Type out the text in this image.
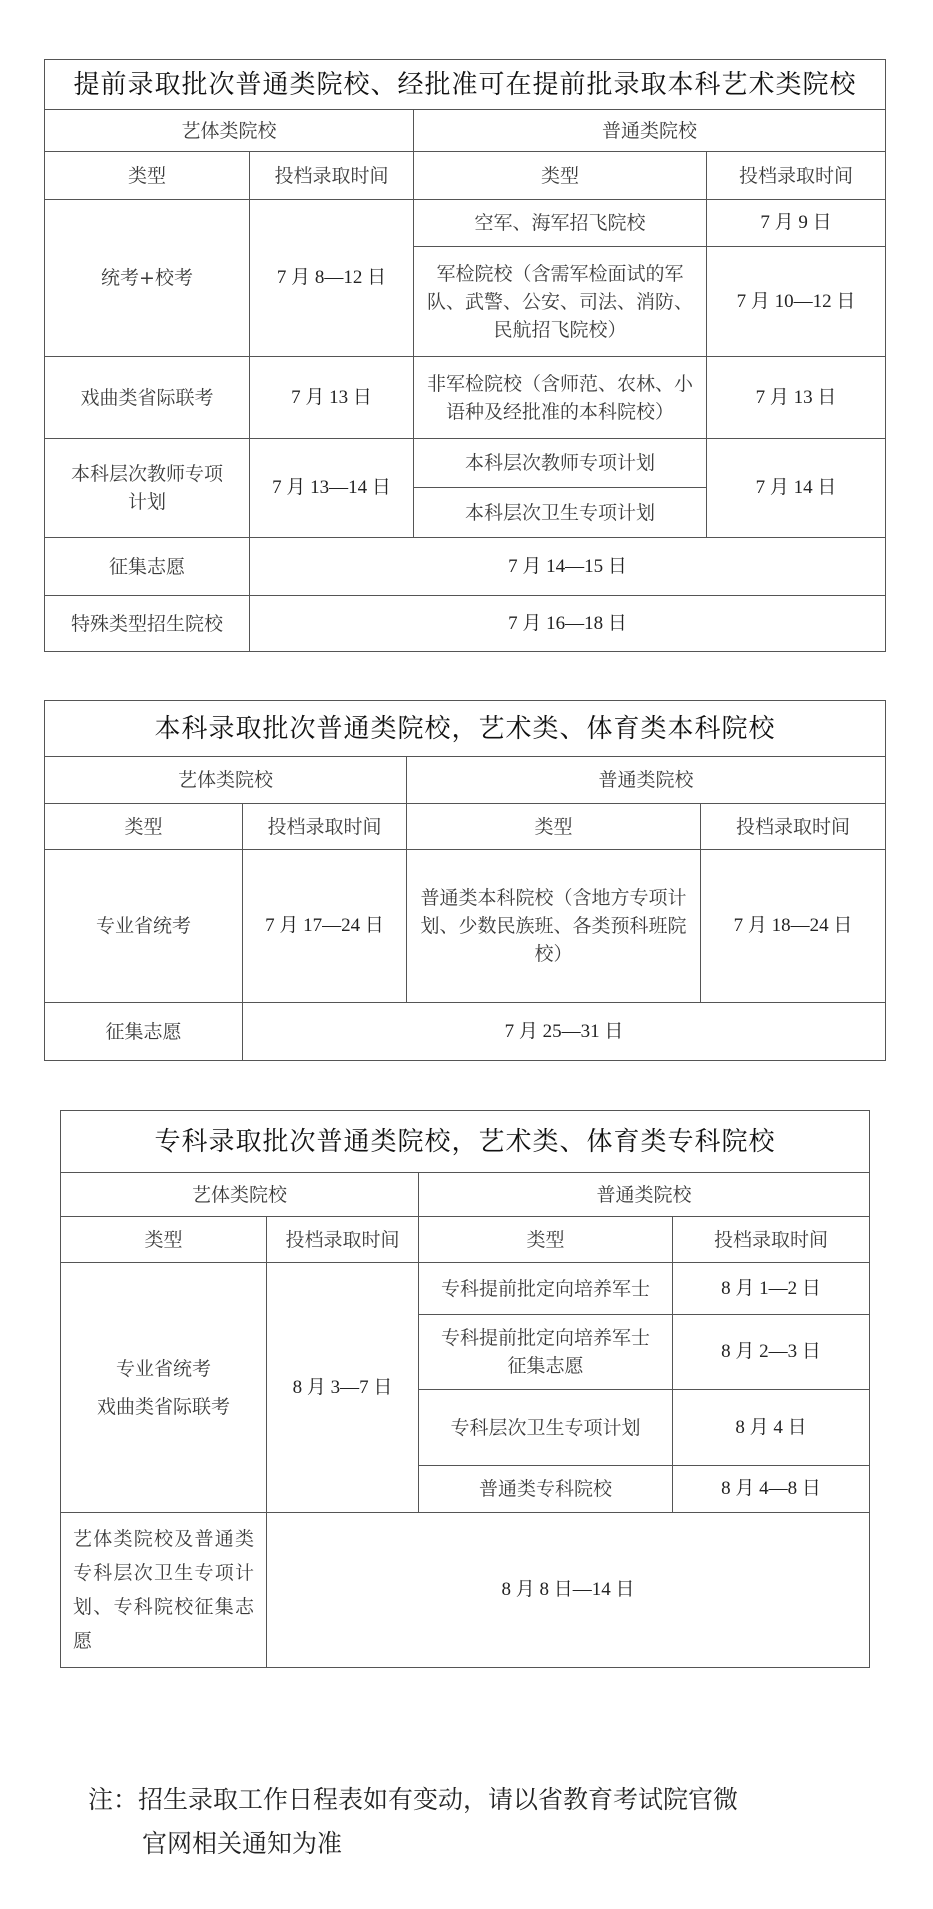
提前录取批次普通类院校、经批准可在提前批录取本科艺术类院校			
艺体类院校		普通类院校	
类型	投档录取时间	类型	投档录取时间
统考+校考	7 月 8—12 日	空军、海军招飞院校	7 月 9 日
		军检院校（含需军检面试的军队、武警、公安、司法、消防、民航招飞院校）	7 月 10—12 日
戏曲类省际联考	7 月 13 日	非军检院校（含师范、农林、小语种及经批准的本科院校）	7 月 13 日
本科层次教师专项计划	7 月 13—14 日	本科层次教师专项计划
本科层次卫生专项计划	7 月 14 日
征集志愿	7 月 14—15 日		
特殊类型招生院校	7 月 16—18 日		
本科录取批次普通类院校，艺术类、体育类本科院校			
艺体类院校		普通类院校	
类型	投档录取时间	类型	投档录取时间
专业省统考	7 月 17—24 日	普通类本科院校（含地方专项计划、少数民族班、各类预科班院校）	7 月 18—24 日
征集志愿	7 月 25—31 日		
专科录取批次普通类院校，艺术类、体育类专科院校			
艺体类院校		普通类院校	
类型	投档录取时间	类型	投档录取时间

专业省统考
戏曲类省际联考	8 月 3—7 日	专科提前批定向培养军士	8 月 1—2 日
		专科提前批定向培养军士征集志愿	8 月 2—3 日
		专科层次卫生专项计划	8 月 4 日
		普通类专科院校	8 月 4—8 日
艺体类院校及普通类专科层次卫生专项计划、专科院校征集志愿	8 月 8 日—14 日		
注：招生录取工作日程表如有变动，请以省教育考试院官微
官网相关通知为准
